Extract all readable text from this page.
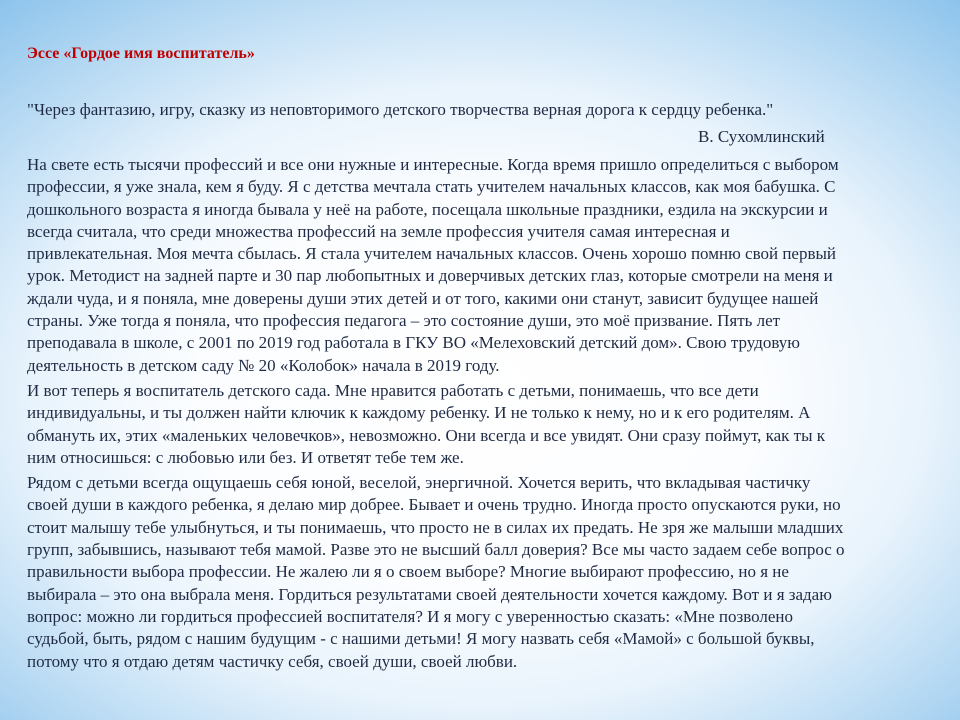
Эссе «Гордое имя воспитатель»
"Через фантазию, игру, сказку из неповторимого детского творчества верная дорога к сердцу ребенка."
В. Сухомлинский
На свете есть тысячи профессий и все они нужные и интересные. Когда время пришло определиться с выбором
профессии, я уже знала, кем я буду. Я с детства мечтала стать учителем начальных классов, как моя бабушка. С
дошкольного возраста я иногда бывала у неё на работе, посещала школьные праздники, ездила на экскурсии и
всегда считала, что среди множества профессий на земле профессия учителя самая интересная и
привлекательная. Моя мечта сбылась. Я стала учителем начальных классов. Очень хорошо помню свой первый
урок. Методист на задней парте и 30 пар любопытных и доверчивых детских глаз, которые смотрели на меня и
ждали чуда, и я поняла, мне доверены души этих детей и от того, какими они станут, зависит будущее нашей
страны. Уже тогда я поняла, что профессия педагога – это состояние души, это моё призвание. Пять лет
преподавала в школе, с 2001 по 2019 год работала в ГКУ ВО «Мелеховский детский дом». Свою трудовую
деятельность в детском саду № 20 «Колобок» начала в 2019 году.
И вот теперь я воспитатель детского сада. Мне нравится работать с детьми, понимаешь, что все дети
индивидуальны, и ты должен найти ключик к каждому ребенку. И не только к нему, но и к его родителям. А
обмануть их, этих «маленьких человечков», невозможно. Они всегда и все увидят. Они сразу поймут, как ты к
ним относишься: с любовью или без. И ответят тебе тем же.
Рядом с детьми всегда ощущаешь себя юной, веселой, энергичной. Хочется верить, что вкладывая частичку
своей души в каждого ребенка, я делаю мир добрее. Бывает и очень трудно. Иногда просто опускаются руки, но
стоит малышу тебе улыбнуться, и ты понимаешь, что просто не в силах их предать. Не зря же малыши младших
групп, забывшись, называют тебя мамой. Разве это не высший балл доверия? Все мы часто задаем себе вопрос о
правильности выбора профессии. Не жалею ли я о своем выборе? Многие выбирают профессию, но я не
выбирала – это она выбрала меня. Гордиться результатами своей деятельности хочется каждому. Вот и я задаю
вопрос: можно ли гордиться профессией воспитателя? И я могу с уверенностью сказать: «Мне позволено
судьбой, быть, рядом с нашим будущим - с нашими детьми! Я могу назвать себя «Мамой» с большой буквы,
потому что я отдаю детям частичку себя, своей души, своей любви.
